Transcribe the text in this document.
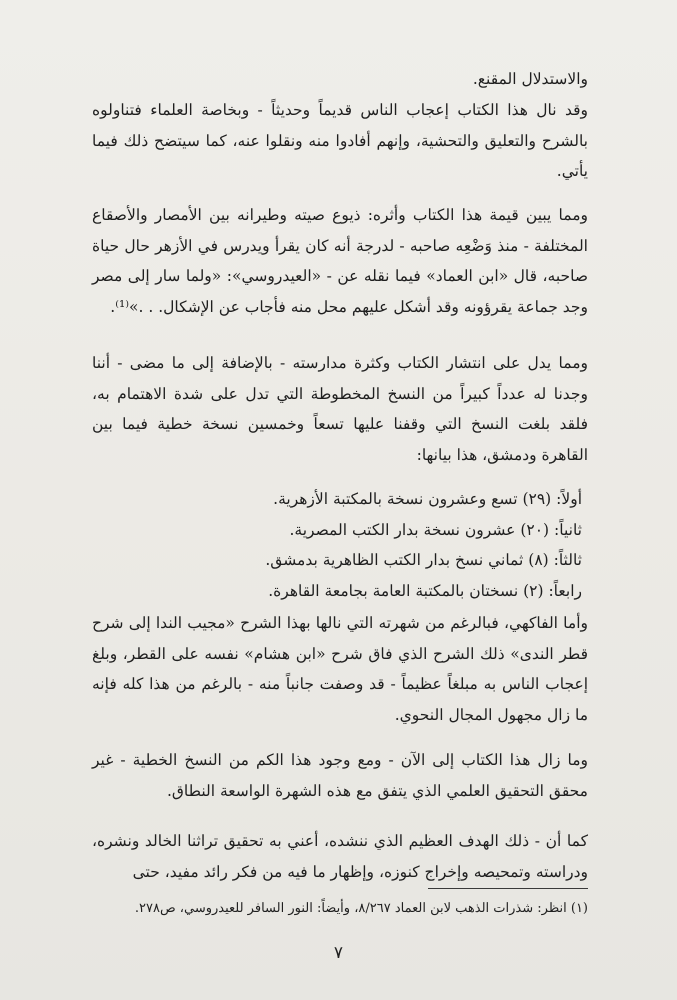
والاستدلال المقنع.

وقد نال هذا الكتاب إعجاب الناس قديماً وحديثاً - وبخاصة العلماء فتناولوه بالشرح والتعليق والتحشية، وإنهم أفادوا منه ونقلوا عنه، كما سيتضح ذلك فيما يأتي.

ومما يبين قيمة هذا الكتاب وأثره: ذيوع صيته وطيرانه بين الأمصار والأصقاع المختلفة - منذ وَضْعِه صاحبه - لدرجة أنه كان يقرأ ويدرس في الأزهر حال حياة صاحبه، قال «ابن العماد» فيما نقله عن - «العيدروسي»: «ولما سار إلى مصر وجد جماعة يقرؤونه وقد أشكل عليهم محل منه فأجاب عن الإشكال. . .»⁽¹⁾.

ومما يدل على انتشار الكتاب وكثرة مدارسته - بالإضافة إلى ما مضى - أننا وجدنا له عدداً كبيراً من النسخ المخطوطة التي تدل على شدة الاهتمام به، فلقد بلغت النسخ التي وقفنا عليها تسعاً وخمسين نسخة خطية فيما بين القاهرة ودمشق، هذا بيانها:

أولاً: (٢٩) تسع وعشرون نسخة بالمكتبة الأزهرية.
ثانياً: (٢٠) عشرون نسخة بدار الكتب المصرية.
ثالثاً: (٨) ثماني نسخ بدار الكتب الظاهرية بدمشق.
رابعاً: (٢) نسختان بالمكتبة العامة بجامعة القاهرة.

وأما الفاكهي، فبالرغم من شهرته التي نالها بهذا الشرح «مجيب الندا إلى شرح قطر الندى» ذلك الشرح الذي فاق شرح «ابن هشام» نفسه على القطر، وبلغ إعجاب الناس به مبلغاً عظيماً - قد وصفت جانباً منه - بالرغم من هذا كله فإنه ما زال مجهول المجال النحوي.

وما زال هذا الكتاب إلى الآن - ومع وجود هذا الكم من النسخ الخطية - غير محقق التحقيق العلمي الذي يتفق مع هذه الشهرة الواسعة النطاق.

كما أن - ذلك الهدف العظيم الذي ننشده، أعني به تحقيق تراثنا الخالد ونشره، ودراسته وتمحيصه وإخراج كنوزه، وإظهار ما فيه من فكر رائد مفيد، حتى

(١) انظر: شذرات الذهب لابن العماد ٨/٢٦٧، وأيضاً: النور السافر للعيدروسي، ص٢٧٨.

٧
